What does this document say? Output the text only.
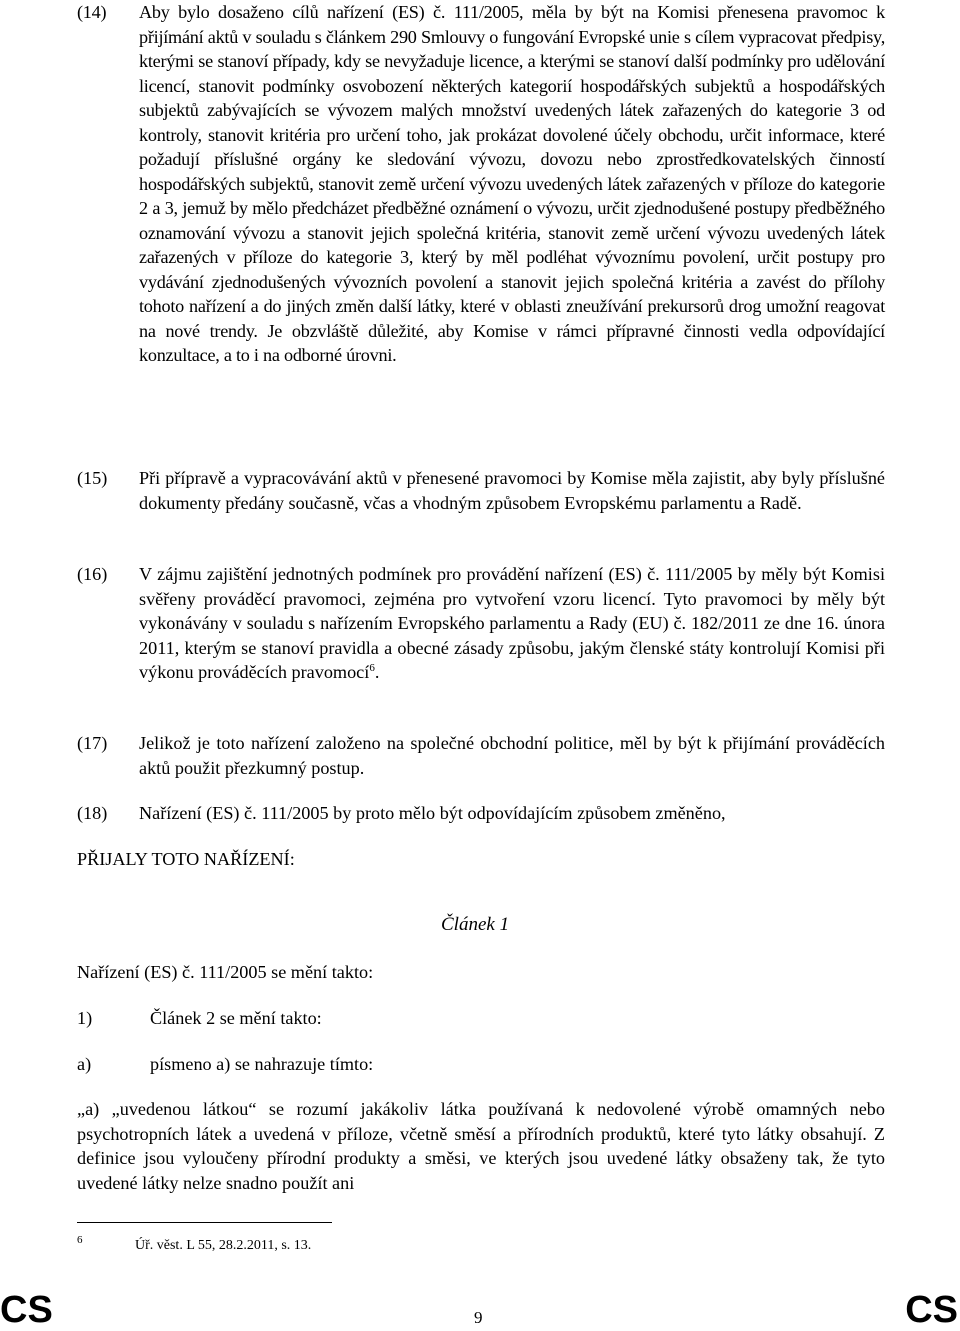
(14) Aby bylo dosaženo cílů nařízení (ES) č. 111/2005, měla by být na Komisi přenesena pravomoc k přijímání aktů v souladu s článkem 290 Smlouvy o fungování Evropské unie s cílem vypracovat předpisy, kterými se stanoví případy, kdy se nevyžaduje licence, a kterými se stanoví další podmínky pro udělování licencí, stanovit podmínky osvobození některých kategorií hospodářských subjektů a hospodářských subjektů zabývajících se vývozem malých množství uvedených látek zařazených do kategorie 3 od kontroly, stanovit kritéria pro určení toho, jak prokázat dovolené účely obchodu, určit informace, které požadují příslušné orgány ke sledování vývozu, dovozu nebo zprostředkovatelských činností hospodářských subjektů, stanovit země určení vývozu uvedených látek zařazených v příloze do kategorie 2 a 3, jemuž by mělo předcházet předběžné oznámení o vývozu, určit zjednodušené postupy předběžného oznamování vývozu a stanovit jejich společná kritéria, stanovit země určení vývozu uvedených látek zařazených v příloze do kategorie 3, který by měl podléhat vývoznímu povolení, určit postupy pro vydávání zjednodušených vývozních povolení a stanovit jejich společná kritéria a zavést do přílohy tohoto nařízení a do jiných změn další látky, které v oblasti zneužívání prekursorů drog umožní reagovat na nové trendy. Je obzvláště důležité, aby Komise v rámci přípravné činnosti vedla odpovídající konzultace, a to i na odborné úrovni.
(15) Při přípravě a vypracovávání aktů v přenesené pravomoci by Komise měla zajistit, aby byly příslušné dokumenty předány současně, včas a vhodným způsobem Evropskému parlamentu a Radě.
(16) V zájmu zajištění jednotných podmínek pro provádění nařízení (ES) č. 111/2005 by měly být Komisi svěřeny prováděcí pravomoci, zejména pro vytvoření vzoru licencí. Tyto pravomoci by měly být vykonávány v souladu s nařízením Evropského parlamentu a Rady (EU) č. 182/2011 ze dne 16. února 2011, kterým se stanoví pravidla a obecné zásady způsobu, jakým členské státy kontrolují Komisi při výkonu prováděcích pravomocí$^6$.
(17) Jelikož je toto nařízení založeno na společné obchodní politice, měl by být k přijímání prováděcích aktů použit přezkumný postup.
(18) Nařízení (ES) č. 111/2005 by proto mělo být odpovídajícím způsobem změněno,
PŘIJALY TOTO NAŘÍZENÍ:
Článek 1
Nařízení (ES) č. 111/2005 se mění takto:
1)	Článek 2 se mění takto:
a)	písmeno a) se nahrazuje tímto:
„a) „uvedenou látkou“ se rozumí jakákoliv látka používaná k nedovolené výrobě omamných nebo psychotropních látek a uvedená v příloze, včetně směsí a přírodních produktů, které tyto látky obsahují. Z definice jsou vyloučeny přírodní produkty a směsi, ve kterých jsou uvedené látky obsaženy tak, že tyto uvedené látky nelze snadno použít ani
6	Úř. věst. L 55, 28.2.2011, s. 13.
CS	9	CS
